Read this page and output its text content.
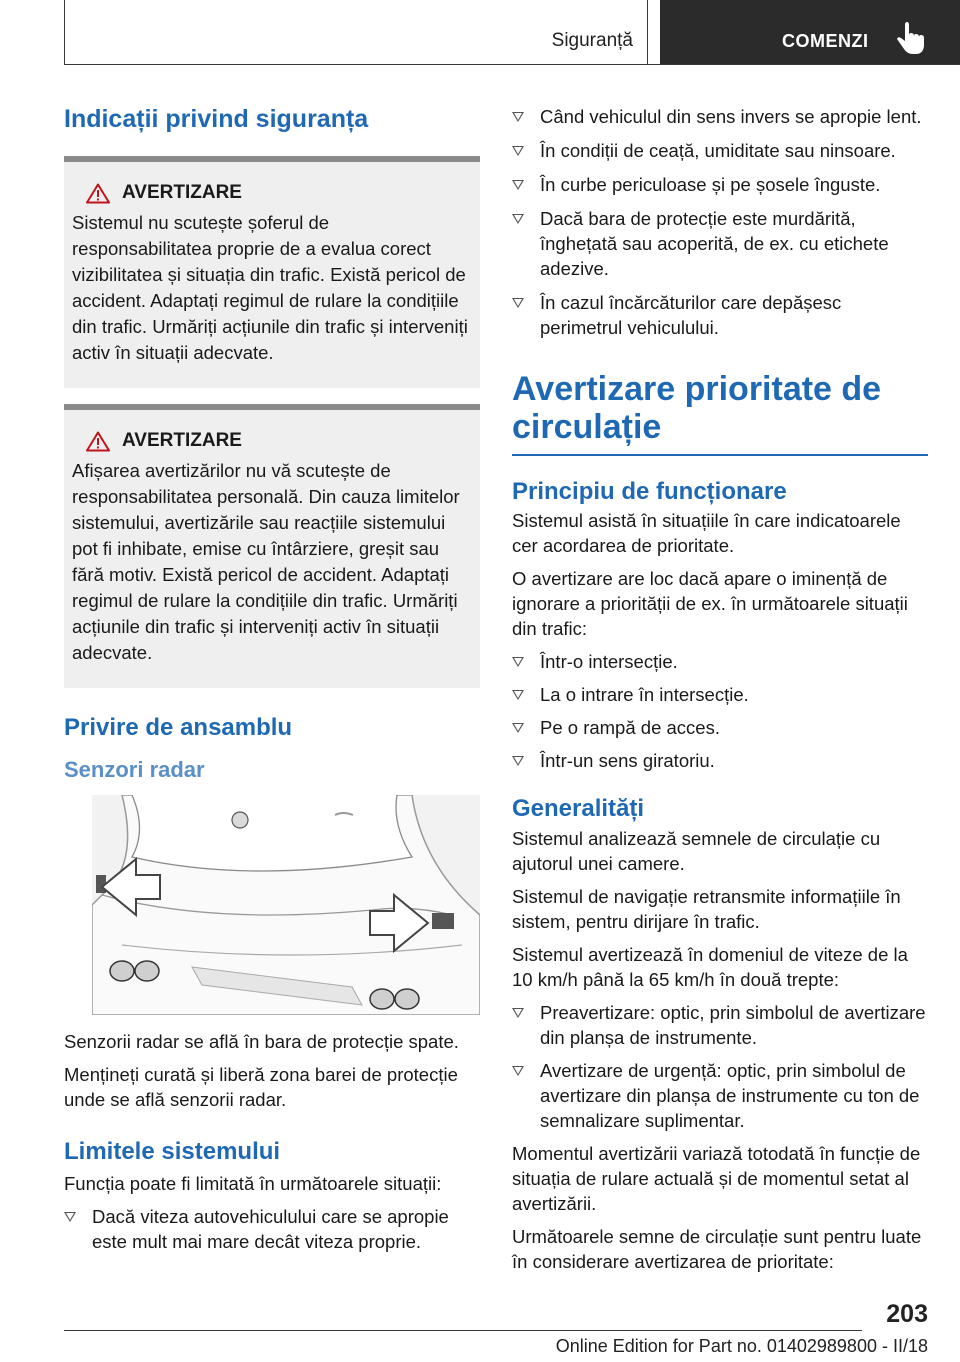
Siguranță	COMENZI
Indicații privind siguranța
AVERTIZARE

Sistemul nu scutește șoferul de responsabilitatea proprie de a evalua corect vizibilitatea și situația din trafic. Există pericol de accident. Adaptați regimul de rulare la condițiile din trafic. Urmăriți acțiunile din trafic și interveniți activ în situații adecvate.

AVERTIZARE

Afișarea avertizărilor nu vă scutește de responsabilitatea personală. Din cauza limitelor sistemului, avertizările sau reacțiile sistemului pot fi inhibate, emise cu întârziere, greșit sau fără motiv. Există pericol de accident. Adaptați regimul de rulare la condițiile din trafic. Urmăriți acțiunile din trafic și interveniți activ în situații adecvate.

Privire de ansamblu
Senzori radar

Senzorii radar se află în bara de protecție spate.

Mențineți curată și liberă zona barei de protecție unde se află senzorii radar.

Limitele sistemului

Funcția poate fi limitată în următoarele situații:

Dacă viteza autovehiculului care se apropie este mult mai mare decât viteza proprie.
Când vehiculul din sens invers se apropie lent.
În condiții de ceață, umiditate sau ninsoare.
În curbe periculoase și pe șosele înguste.
Dacă bara de protecție este murdărită, înghețată sau acoperită, de ex. cu etichete adezive.
În cazul încărcăturilor care depășesc perimetrul vehiculului.
Avertizare prioritate de circulație
Principiu de funcționare

Sistemul asistă în situațiile în care indicatoarele cer acordarea de prioritate.

O avertizare are loc dacă apare o iminență de ignorare a priorității de ex. în următoarele situații din trafic:

Într-o intersecție.
La o intrare în intersecție.
Pe o rampă de acces.
Într-un sens giratoriu.
Generalități

Sistemul analizează semnele de circulație cu ajutorul unei camere.

Sistemul de navigație retransmite informațiile în sistem, pentru dirijare în trafic.

Sistemul avertizează în domeniul de viteze de la 10 km/h până la 65 km/h în două trepte:

Preavertizare: optic, prin simbolul de avertizare din planșa de instrumente.
Avertizare de urgență: optic, prin simbolul de avertizare din planșa de instrumente cu ton de semnalizare suplimentar.

Momentul avertizării variază totodată în funcție de situația de rulare actuală și de momentul setat al avertizării.

Următoarele semne de circulație sunt pentru luate în considerare avertizarea de prioritate:

203
Online Edition for Part no. 01402989800 - II/18
